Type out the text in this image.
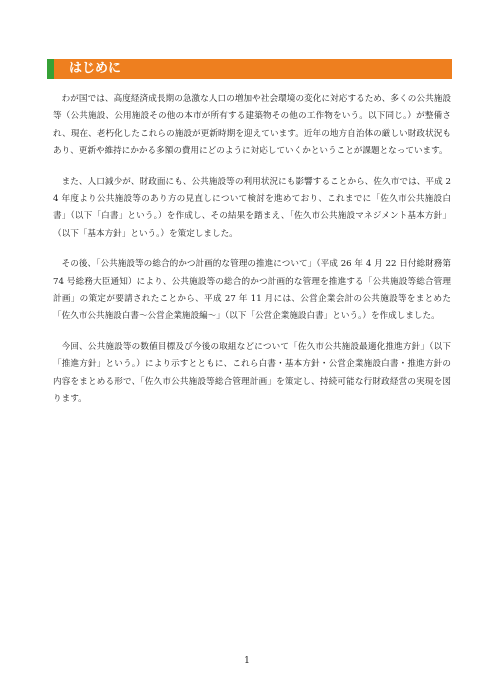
はじめに

わが国では、高度経済成長期の急激な人口の増加や社会環境の変化に対応するため、多くの公共施設等（公共施設、公用施設その他の本市が所有する建築物その他の工作物をいう。以下同じ。）が整備され、現在、老朽化したこれらの施設が更新時期を迎えています。近年の地方自治体の厳しい財政状況もあり、更新や維持にかかる多額の費用にどのように対応していくかということが課題となっています。

また、人口減少が、財政面にも、公共施設等の利用状況にも影響することから、佐久市では、平成 24 年度より公共施設等のあり方の見直しについて検討を進めており、これまでに「佐久市公共施設白書」（以下「白書」という。）を作成し、その結果を踏まえ、「佐久市公共施設マネジメント基本方針」（以下「基本方針」という。）を策定しました。

その後、「公共施設等の総合的かつ計画的な管理の推進について」（平成 26 年 4 月 22 日付総財務第 74 号総務大臣通知）により、公共施設等の総合的かつ計画的な管理を推進する「公共施設等総合管理計画」の策定が要請されたことから、平成 27 年 11 月には、公営企業会計の公共施設等をまとめた「佐久市公共施設白書～公営企業施設編～」（以下「公営企業施設白書」という。）を作成しました。

今回、公共施設等の数値目標及び今後の取組などについて「佐久市公共施設最適化推進方針」（以下「推進方針」という。）により示すとともに、これら白書・基本方針・公営企業施設白書・推進方針の内容をまとめる形で、「佐久市公共施設等総合管理計画」を策定し、持続可能な行財政経営の実現を図ります。

1
